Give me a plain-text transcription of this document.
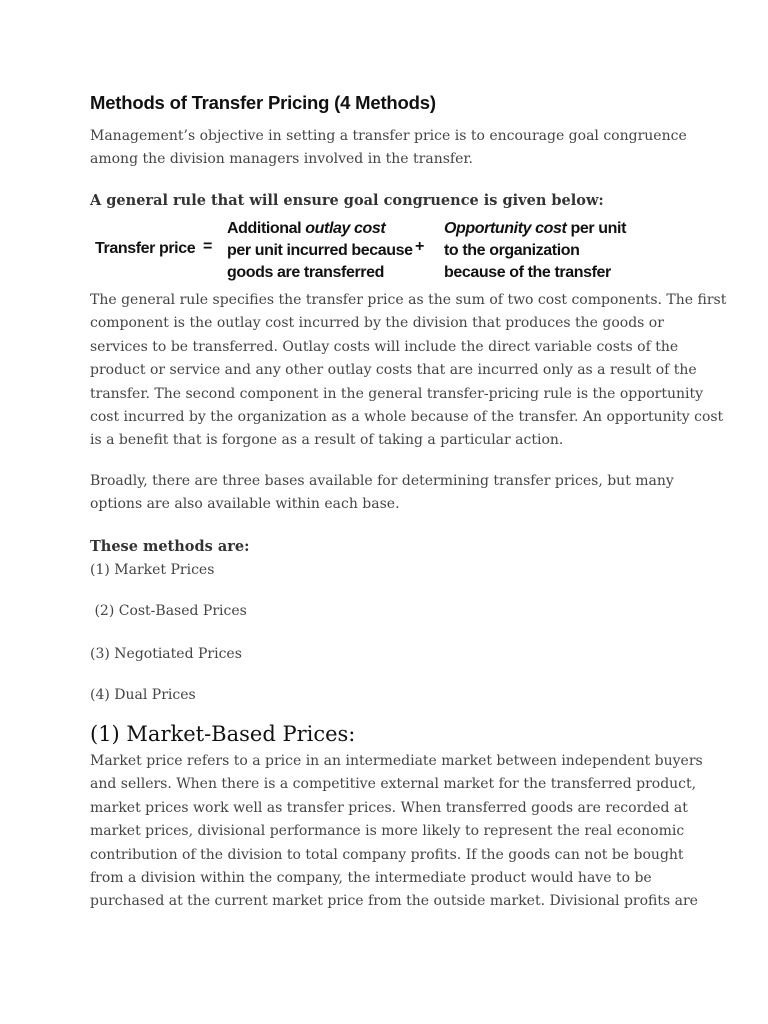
Methods of Transfer Pricing (4 Methods)

Management’s objective in setting a transfer price is to encourage goal congruence
among the division managers involved in the transfer.

A general rule that will ensure goal congruence is given below:
Transfer price =
Additional outlay cost
per unit incurred because
goods are transferred
+
Opportunity cost per unit
to the organization
because of the transfer

The general rule specifies the transfer price as the sum of two cost components. The first
component is the outlay cost incurred by the division that produces the goods or
services to be transferred. Outlay costs will include the direct variable costs of the
product or service and any other outlay costs that are incurred only as a result of the
transfer. The second component in the general transfer-pricing rule is the opportunity
cost incurred by the organization as a whole because of the transfer. An opportunity cost
is a benefit that is forgone as a result of taking a particular action.

Broadly, there are three bases available for determining transfer prices, but many
options are also available within each base.

These methods are:
(1) Market Prices
(2) Cost-Based Prices
(3) Negotiated Prices
(4) Dual Prices
(1) Market-Based Prices:

Market price refers to a price in an intermediate market between independent buyers
and sellers. When there is a competitive external market for the transferred product,
market prices work well as transfer prices. When transferred goods are recorded at
market prices, divisional performance is more likely to represent the real economic
contribution of the division to total company profits. If the goods can not be bought
from a division within the company, the intermediate product would have to be
purchased at the current market price from the outside market. Divisional profits are
